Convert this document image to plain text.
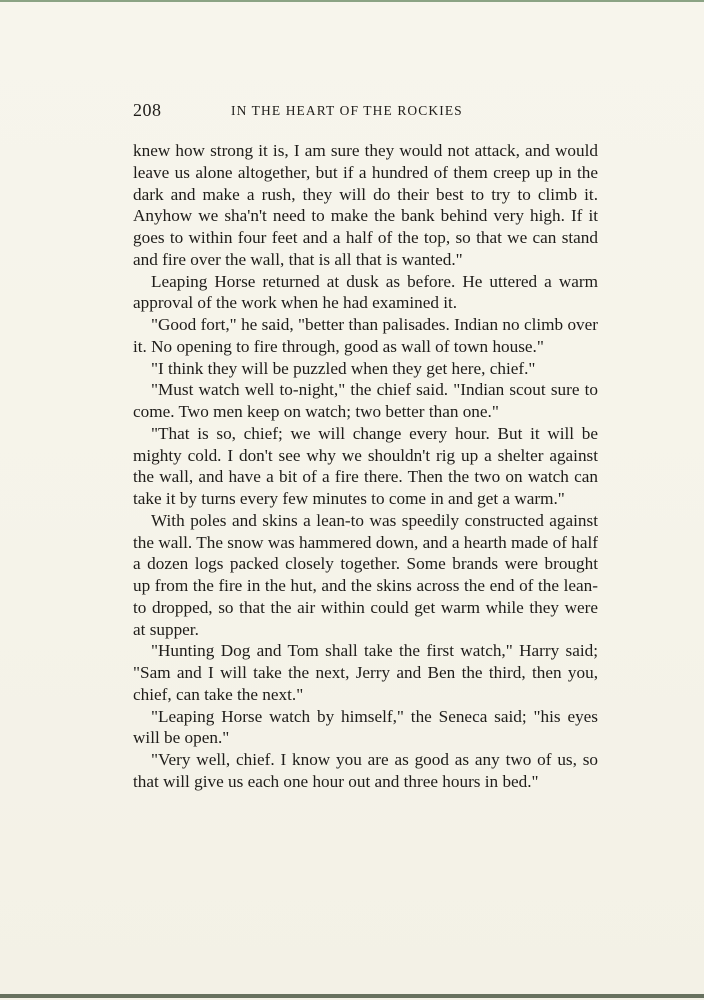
208	IN THE HEART OF THE ROCKIES

knew how strong it is, I am sure they would not attack, and would leave us alone altogether, but if a hundred of them creep up in the dark and make a rush, they will do their best to try to climb it. Anyhow we sha'n't need to make the bank behind very high. If it goes to within four feet and a half of the top, so that we can stand and fire over the wall, that is all that is wanted."

Leaping Horse returned at dusk as before. He uttered a warm approval of the work when he had examined it.

"Good fort," he said, "better than palisades. Indian no climb over it. No opening to fire through, good as wall of town house."

"I think they will be puzzled when they get here, chief."

"Must watch well to-night," the chief said. "Indian scout sure to come. Two men keep on watch; two better than one."

"That is so, chief; we will change every hour. But it will be mighty cold. I don't see why we shouldn't rig up a shelter against the wall, and have a bit of a fire there. Then the two on watch can take it by turns every few minutes to come in and get a warm."

With poles and skins a lean-to was speedily constructed against the wall. The snow was hammered down, and a hearth made of half a dozen logs packed closely together. Some brands were brought up from the fire in the hut, and the skins across the end of the lean-to dropped, so that the air within could get warm while they were at supper.

"Hunting Dog and Tom shall take the first watch," Harry said; "Sam and I will take the next, Jerry and Ben the third, then you, chief, can take the next."

"Leaping Horse watch by himself," the Seneca said; "his eyes will be open."

"Very well, chief. I know you are as good as any two of us, so that will give us each one hour out and three hours in bed."
